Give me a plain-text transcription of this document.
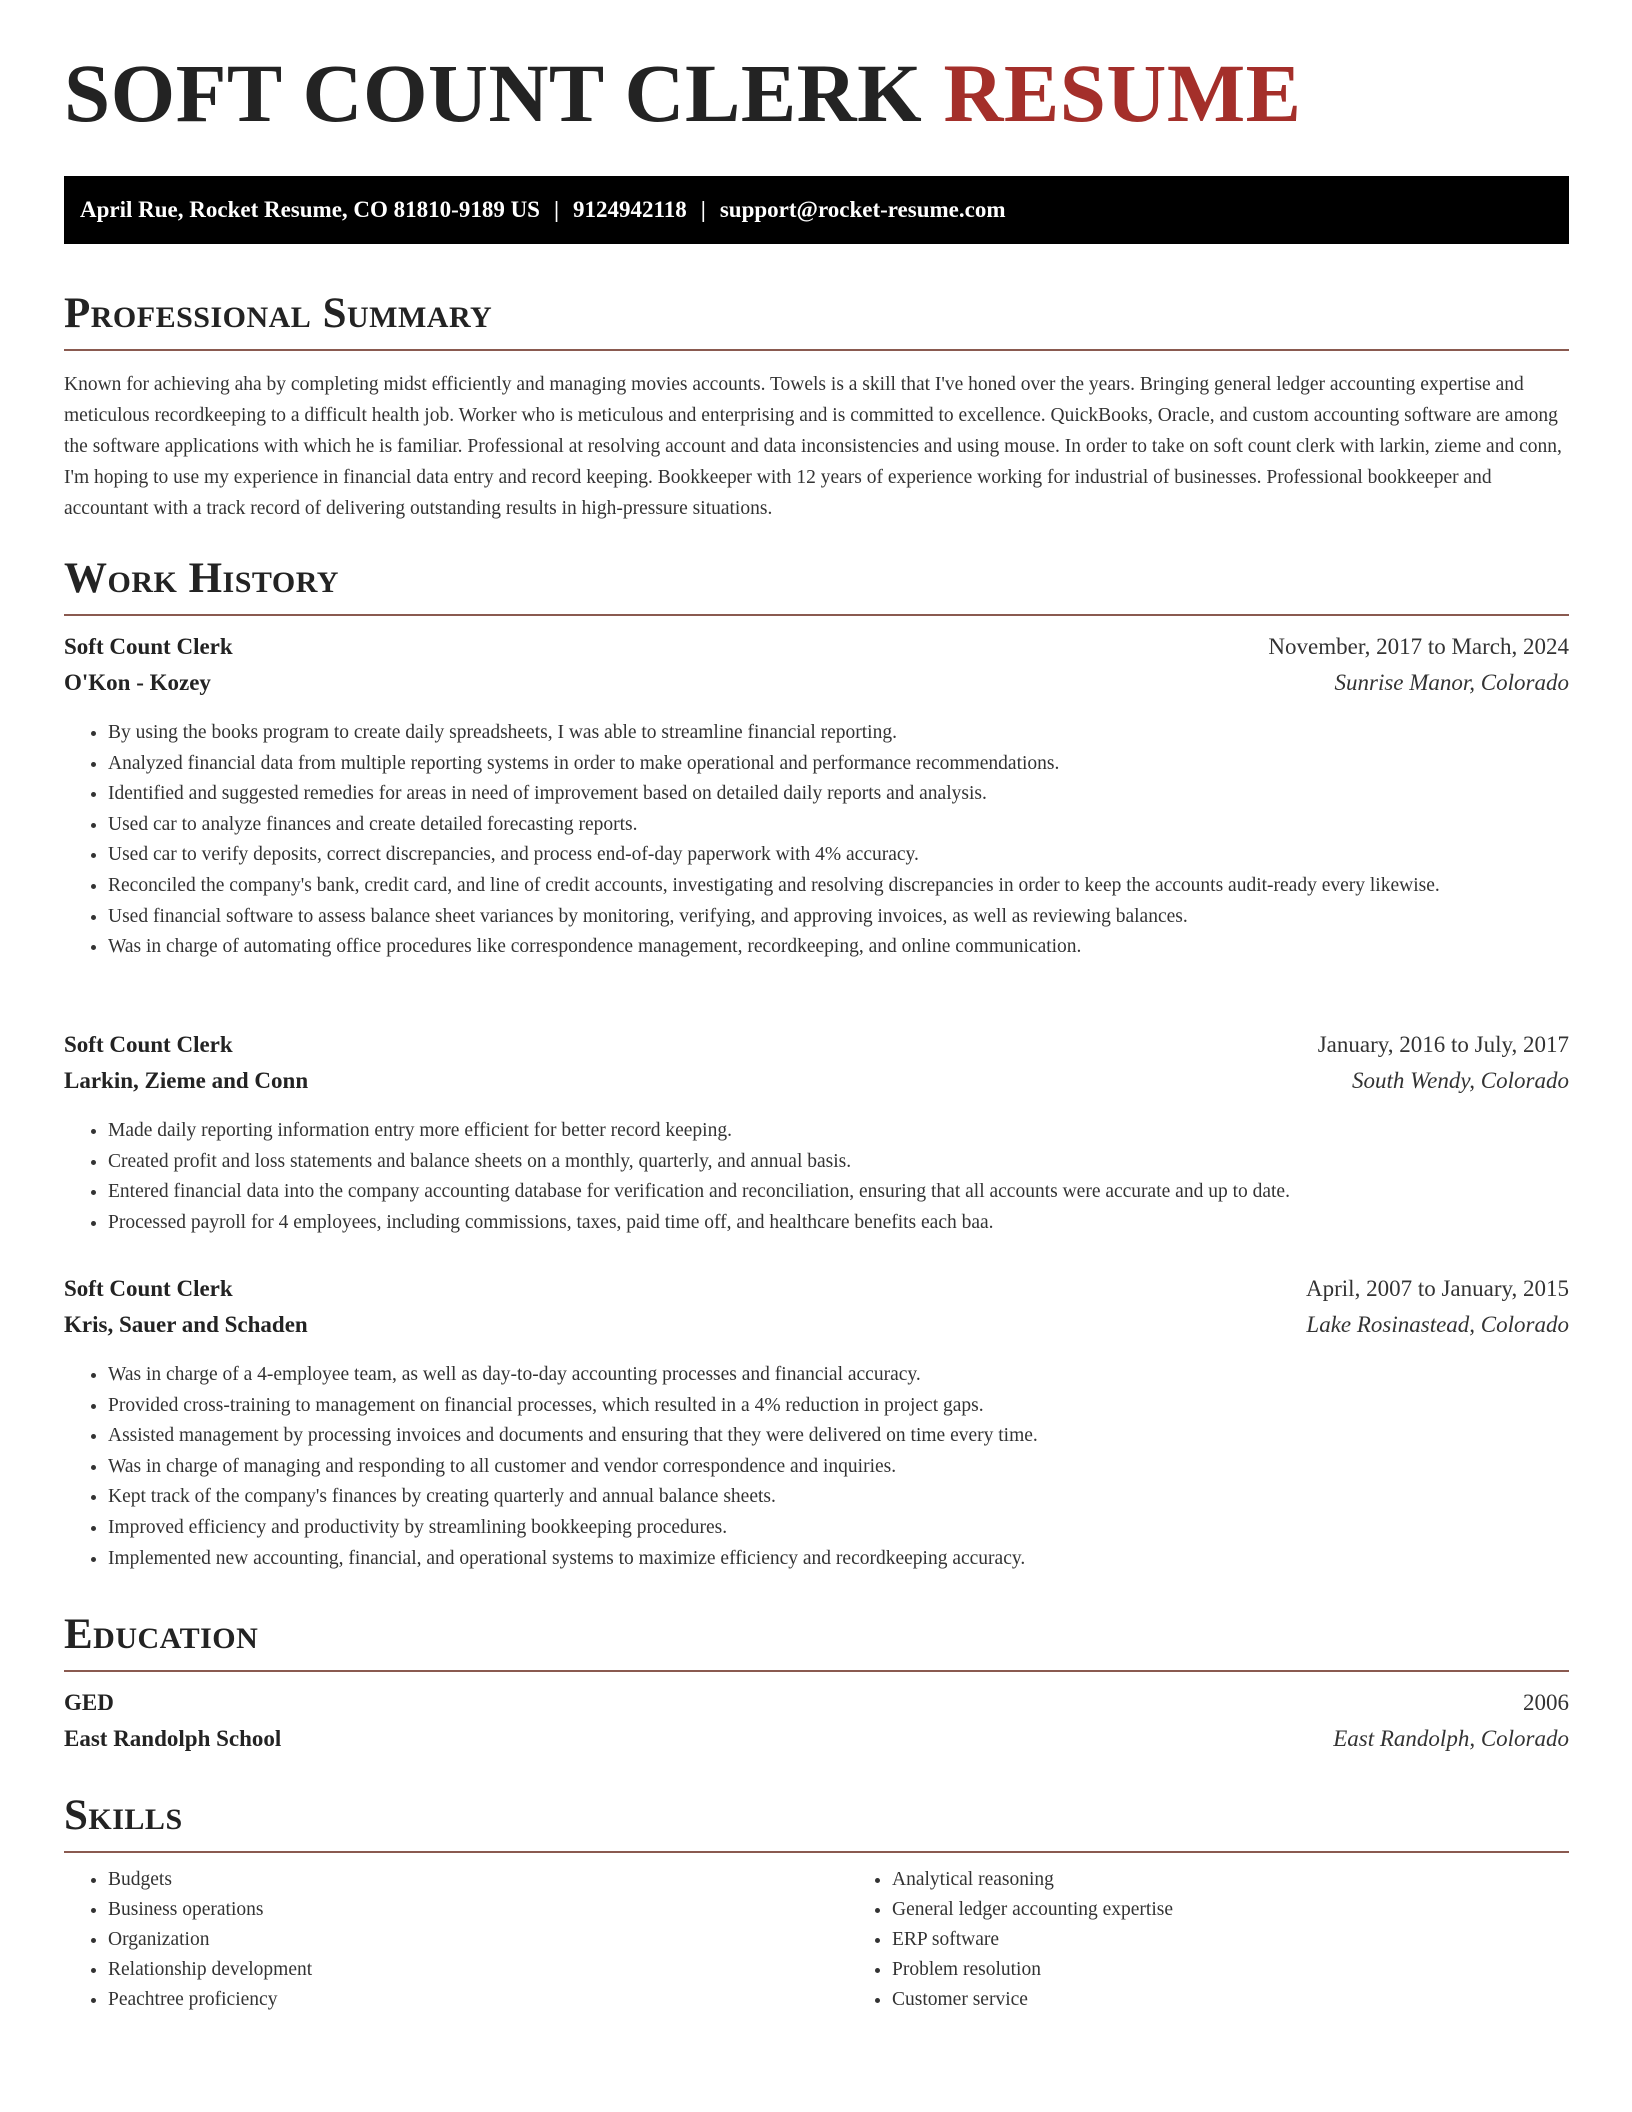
SOFT COUNT CLERK RESUME
April Rue, Rocket Resume, CO 81810-9189 US | 9124942118 | support@rocket-resume.com
Professional Summary

Known for achieving aha by completing midst efficiently and managing movies accounts. Towels is a skill that I've honed over the years. Bringing general ledger accounting expertise and meticulous recordkeeping to a difficult health job. Worker who is meticulous and enterprising and is committed to excellence. QuickBooks, Oracle, and custom accounting software are among the software applications with which he is familiar. Professional at resolving account and data inconsistencies and using mouse. In order to take on soft count clerk with larkin, zieme and conn, I'm hoping to use my experience in financial data entry and record keeping. Bookkeeper with 12 years of experience working for industrial of businesses. Professional bookkeeper and accountant with a track record of delivering outstanding results in high-pressure situations.

Work History
Soft Count Clerk	November, 2017 to March, 2024
O'Kon - Kozey	Sunrise Manor, Colorado
• By using the books program to create daily spreadsheets, I was able to streamline financial reporting.
• Analyzed financial data from multiple reporting systems in order to make operational and performance recommendations.
• Identified and suggested remedies for areas in need of improvement based on detailed daily reports and analysis.
• Used car to analyze finances and create detailed forecasting reports.
• Used car to verify deposits, correct discrepancies, and process end-of-day paperwork with 4% accuracy.
• Reconciled the company's bank, credit card, and line of credit accounts, investigating and resolving discrepancies in order to keep the accounts audit-ready every likewise.
• Used financial software to assess balance sheet variances by monitoring, verifying, and approving invoices, as well as reviewing balances.
• Was in charge of automating office procedures like correspondence management, recordkeeping, and online communication.
Soft Count Clerk	January, 2016 to July, 2017
Larkin, Zieme and Conn	South Wendy, Colorado
• Made daily reporting information entry more efficient for better record keeping.
• Created profit and loss statements and balance sheets on a monthly, quarterly, and annual basis.
• Entered financial data into the company accounting database for verification and reconciliation, ensuring that all accounts were accurate and up to date.
• Processed payroll for 4 employees, including commissions, taxes, paid time off, and healthcare benefits each baa.
Soft Count Clerk	April, 2007 to January, 2015
Kris, Sauer and Schaden	Lake Rosinastead, Colorado
• Was in charge of a 4-employee team, as well as day-to-day accounting processes and financial accuracy.
• Provided cross-training to management on financial processes, which resulted in a 4% reduction in project gaps.
• Assisted management by processing invoices and documents and ensuring that they were delivered on time every time.
• Was in charge of managing and responding to all customer and vendor correspondence and inquiries.
• Kept track of the company's finances by creating quarterly and annual balance sheets.
• Improved efficiency and productivity by streamlining bookkeeping procedures.
• Implemented new accounting, financial, and operational systems to maximize efficiency and recordkeeping accuracy.
Education
GED	2006
East Randolph School	East Randolph, Colorado
Skills
• Budgets
• Business operations
• Organization
• Relationship development
• Peachtree proficiency
• Analytical reasoning
• General ledger accounting expertise
• ERP software
• Problem resolution
• Customer service
